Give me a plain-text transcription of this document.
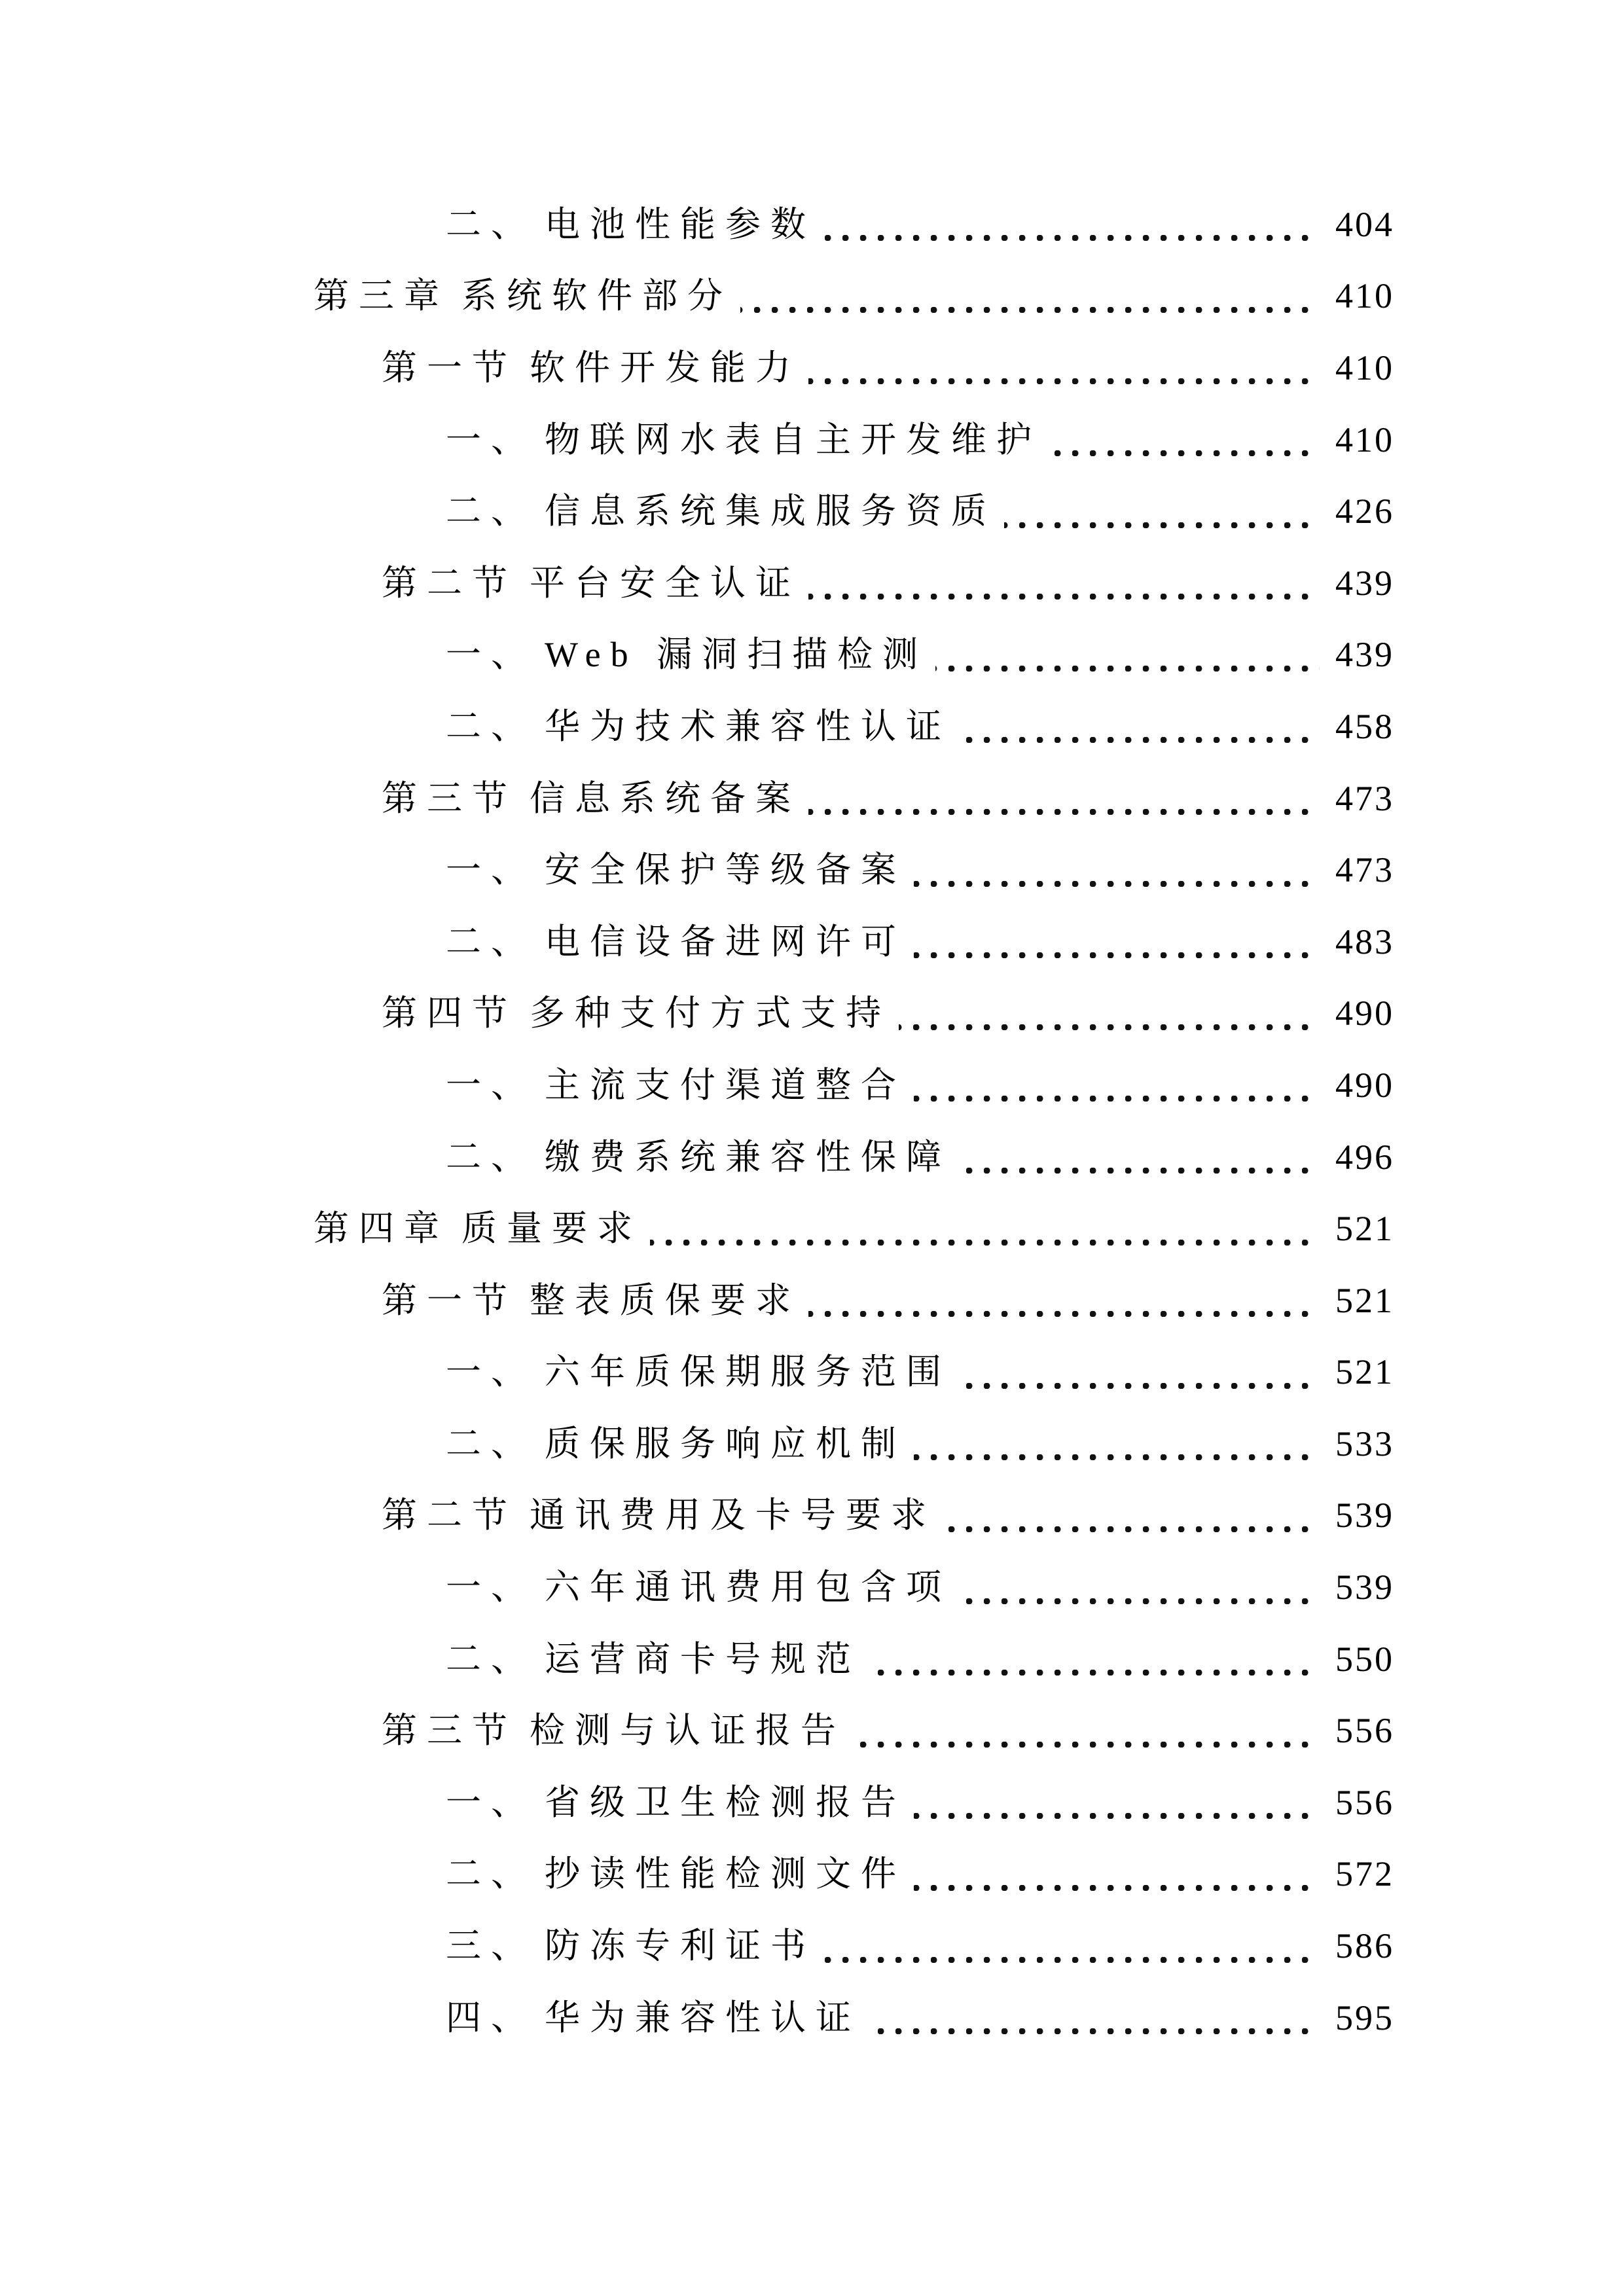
二、 电池性能参数	404
第三章 系统软件部分	410
第一节 软件开发能力	410
一、 物联网水表自主开发维护	410
二、 信息系统集成服务资质	426
第二节 平台安全认证	439
一、 Web 漏洞扫描检测	439
二、 华为技术兼容性认证	458
第三节 信息系统备案	473
一、 安全保护等级备案	473
二、 电信设备进网许可	483
第四节 多种支付方式支持	490
一、 主流支付渠道整合	490
二、 缴费系统兼容性保障	496
第四章 质量要求	521
第一节 整表质保要求	521
一、 六年质保期服务范围	521
二、 质保服务响应机制	533
第二节 通讯费用及卡号要求	539
一、 六年通讯费用包含项	539
二、 运营商卡号规范	550
第三节 检测与认证报告	556
一、 省级卫生检测报告	556
二、 抄读性能检测文件	572
三、 防冻专利证书	586
四、 华为兼容性认证	595
